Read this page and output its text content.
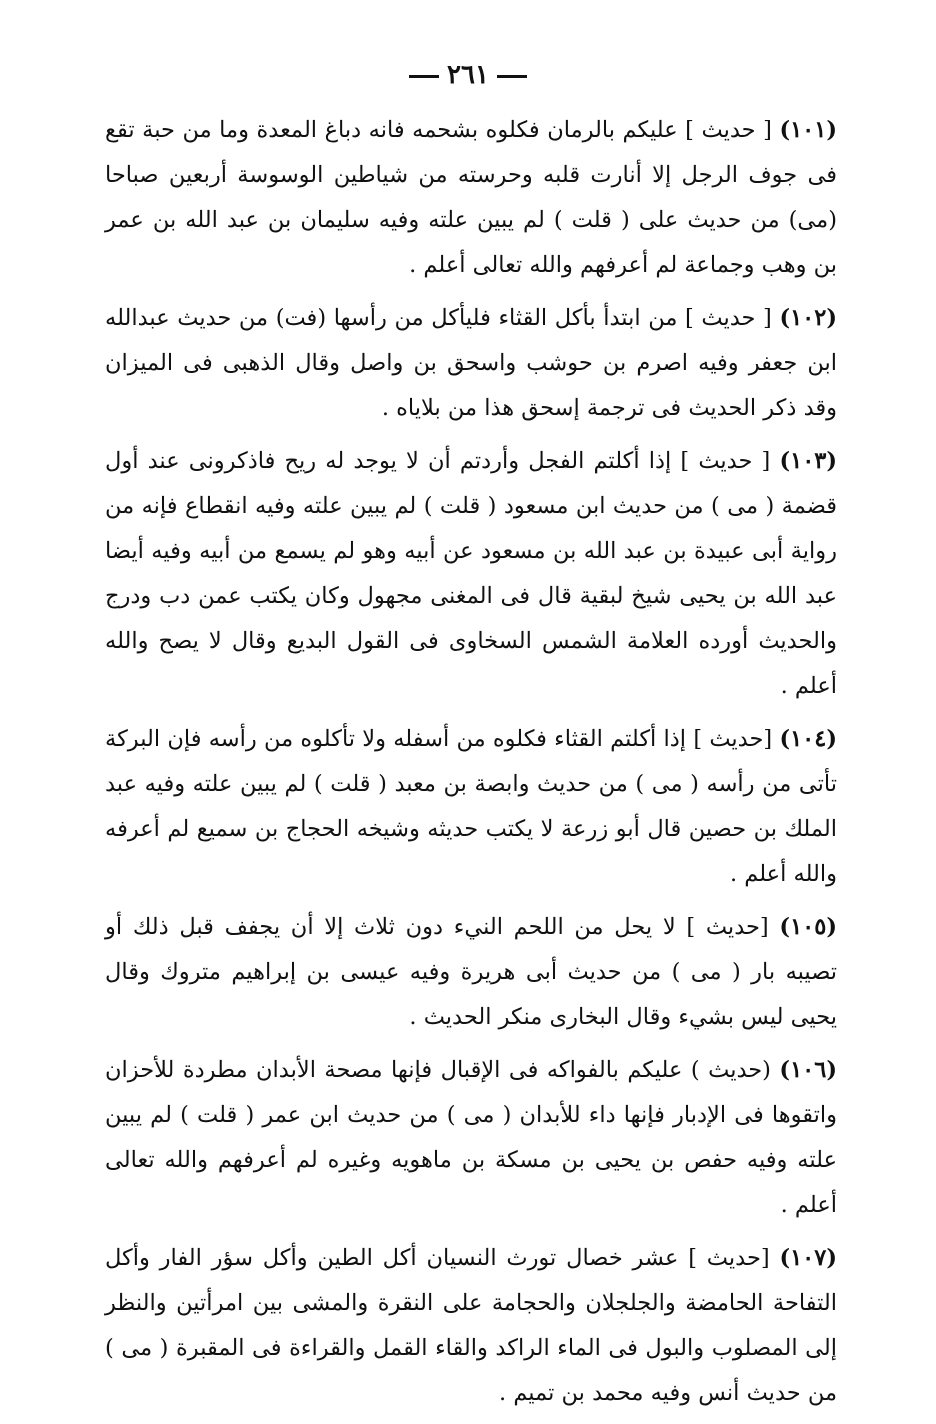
٢٦١

(١٠١) [ حديث ] عليكم بالرمان فكلوه بشحمه فانه دباغ المعدة وما من حبة تقع فى جوف الرجل إلا أنارت قلبه وحرسته من شياطين الوسوسة أربعين صباحا (مى) من حديث على ( قلت ) لم يبين علته وفيه سليمان بن عبد الله بن عمر بن وهب وجماعة لم أعرفهم والله تعالى أعلم .

(١٠٢) [ حديث ] من ابتدأ بأكل القثاء فليأكل من رأسها (فت) من حديث عبدالله ابن جعفر وفيه اصرم بن حوشب واسحق بن واصل وقال الذهبى فى الميزان وقد ذكر الحديث فى ترجمة إسحق هذا من بلاياه .

(١٠٣) [ حديث ] إذا أكلتم الفجل وأردتم أن لا يوجد له ريح فاذكرونى عند أول قضمة ( مى ) من حديث ابن مسعود ( قلت ) لم يبين علته وفيه انقطاع فإنه من رواية أبى عبيدة بن عبد الله بن مسعود عن أبيه وهو لم يسمع من أبيه وفيه أيضا عبد الله بن يحيى شيخ لبقية قال فى المغنى مجهول وكان يكتب عمن دب ودرج والحديث أورده العلامة الشمس السخاوى فى القول البديع وقال لا يصح والله أعلم .

(١٠٤) [حديث ] إذا أكلتم القثاء فكلوه من أسفله ولا تأكلوه من رأسه فإن البركة تأتى من رأسه ( مى ) من حديث وابصة بن معبد ( قلت ) لم يبين علته وفيه عبد الملك بن حصين قال أبو زرعة لا يكتب حديثه وشيخه الحجاج بن سميع لم أعرفه والله أعلم .

(١٠٥) [حديث ] لا يحل من اللحم النيء دون ثلاث إلا أن يجفف قبل ذلك أو تصيبه بار ( مى ) من حديث أبى هريرة وفيه عيسى بن إبراهيم متروك وقال يحيى ليس بشيء وقال البخارى منكر الحديث .

(١٠٦) (حديث ) عليكم بالفواكه فى الإقبال فإنها مصحة الأبدان مطردة للأحزان واتقوها فى الإدبار فإنها داء للأبدان ( مى ) من حديث ابن عمر ( قلت ) لم يبين علته وفيه حفص بن يحيى بن مسكة بن ماهويه وغيره لم أعرفهم والله تعالى أعلم .

(١٠٧) [حديث ] عشر خصال تورث النسيان أكل الطين وأكل سؤر الفار وأكل التفاحة الحامضة والجلجلان والحجامة على النقرة والمشى بين امرأتين والنظر إلى المصلوب والبول فى الماء الراكد والقاء القمل والقراءة فى المقبرة ( مى ) من حديث أنس وفيه محمد بن تميم .
